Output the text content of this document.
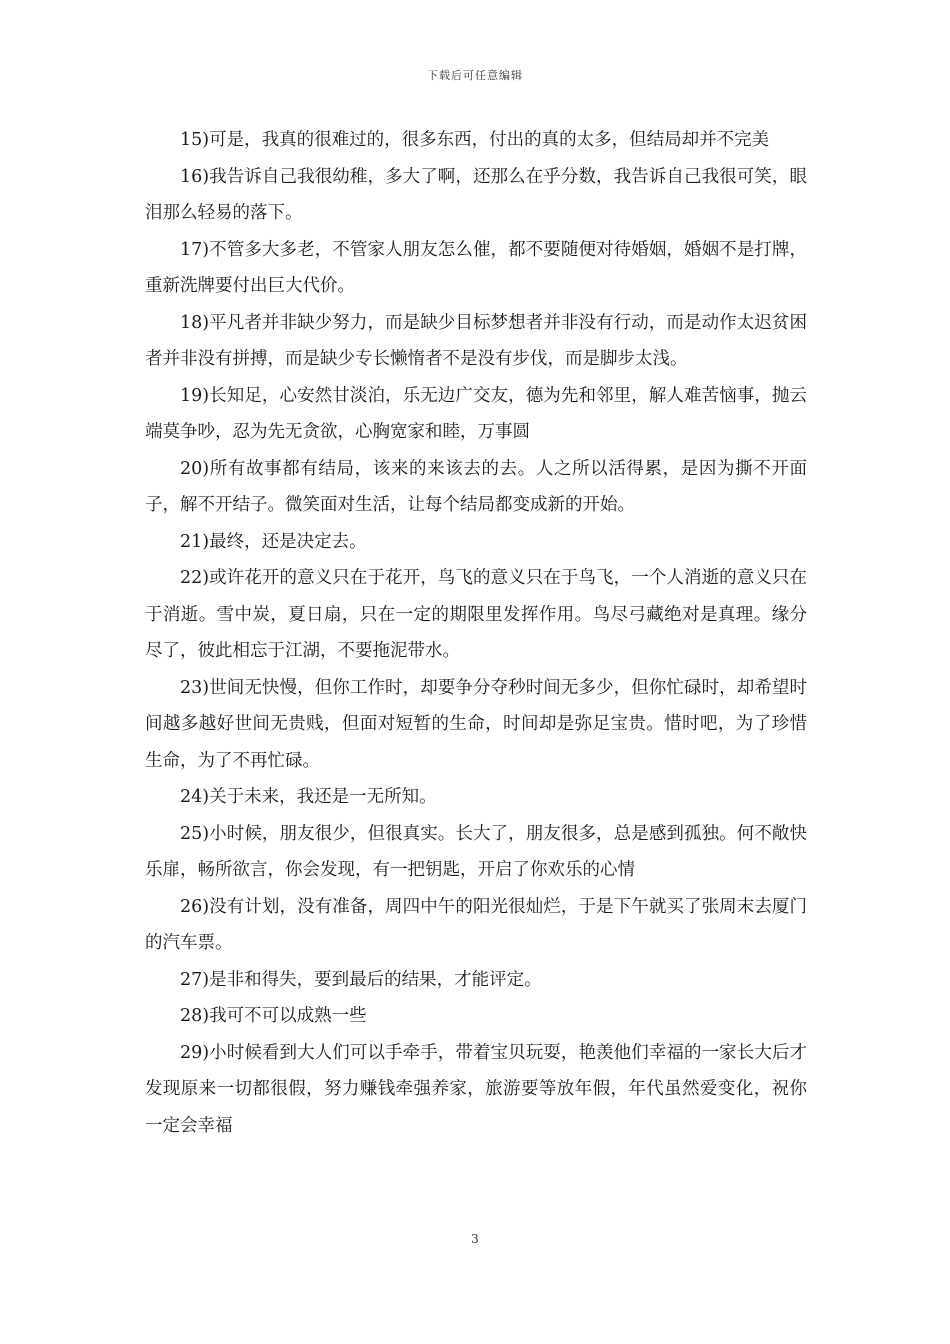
下载后可任意编辑

15)可是，我真的很难过的，很多东西，付出的真的太多，但结局却并不完美

16)我告诉自己我很幼稚，多大了啊，还那么在乎分数，我告诉自己我很可笑，眼泪那么轻易的落下。

17)不管多大多老，不管家人朋友怎么催，都不要随便对待婚姻，婚姻不是打牌，重新洗牌要付出巨大代价。

18)平凡者并非缺少努力，而是缺少目标梦想者并非没有行动，而是动作太迟贫困者并非没有拼搏，而是缺少专长懒惰者不是没有步伐，而是脚步太浅。

19)长知足，心安然甘淡泊，乐无边广交友，德为先和邻里，解人难苦恼事，抛云端莫争吵，忍为先无贪欲，心胸宽家和睦，万事圆

20)所有故事都有结局，该来的来该去的去。人之所以活得累，是因为撕不开面子，解不开结子。微笑面对生活，让每个结局都变成新的开始。

21)最终，还是决定去。

22)或许花开的意义只在于花开，鸟飞的意义只在于鸟飞，一个人消逝的意义只在于消逝。雪中炭，夏日扇，只在一定的期限里发挥作用。鸟尽弓藏绝对是真理。缘分尽了，彼此相忘于江湖，不要拖泥带水。

23)世间无快慢，但你工作时，却要争分夺秒时间无多少，但你忙碌时，却希望时间越多越好世间无贵贱，但面对短暂的生命，时间却是弥足宝贵。惜时吧，为了珍惜生命，为了不再忙碌。

24)关于未来，我还是一无所知。

25)小时候，朋友很少，但很真实。长大了，朋友很多，总是感到孤独。何不敞快乐扉，畅所欲言，你会发现，有一把钥匙，开启了你欢乐的心情

26)没有计划，没有准备，周四中午的阳光很灿烂，于是下午就买了张周末去厦门的汽车票。

27)是非和得失，要到最后的结果，才能评定。

28)我可不可以成熟一些

29)小时候看到大人们可以手牵手，带着宝贝玩耍，艳羡他们幸福的一家长大后才发现原来一切都很假，努力赚钱牵强养家，旅游要等放年假，年代虽然爱变化，祝你一定会幸福

3
